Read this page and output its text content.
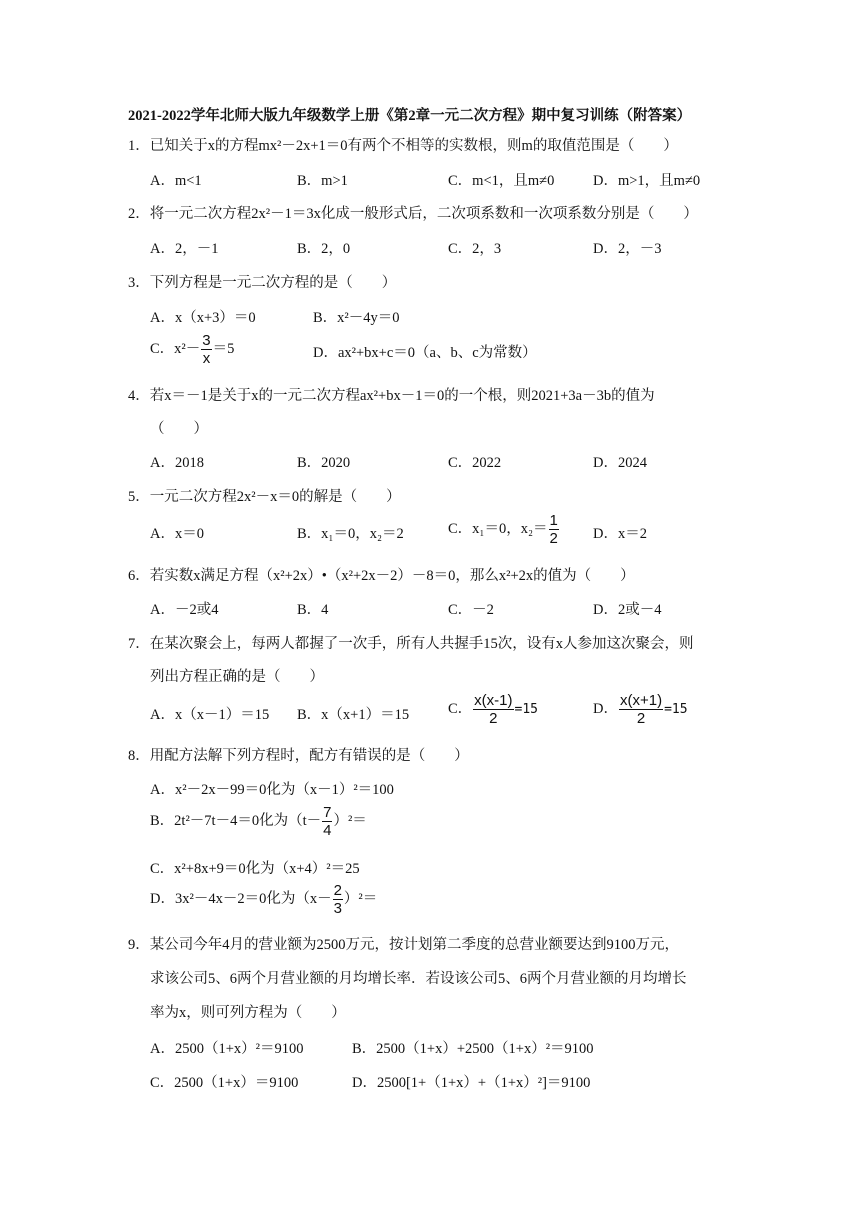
2021-2022学年北师大版九年级数学上册《第2章一元二次方程》期中复习训练（附答案）
1．已知关于x的方程mx²－2x+1＝0有两个不相等的实数根，则m的取值范围是（　　）
A．m<1	B．m>1	C．m<1，且m≠0	D．m>1，且m≠0
2．将一元二次方程2x²－1＝3x化成一般形式后，二次项系数和一次项系数分别是（　　）
A．2，－1	B．2，0	C．2，3	D．2，－3
3．下列方程是一元二次方程的是（　　）
A．x（x+3）＝0	B．x²－4y＝0
C．$x^2- \frac{3}{x} =5$	D．ax²+bx+c＝0（a、b、c为常数）
4．若x＝－1是关于x的一元二次方程ax²+bx－1＝0的一个根，则2021+3a－3b的值为
（　　）
A．2018	B．2020	C．2022	D．2024
5．一元二次方程2x²－x＝0的解是（　　）
A．x＝0	B．x₁＝0，x₂＝2	C．x₁＝0，$x_2= \frac{1}{2}$ D．x＝2
6．若实数x满足方程（x²+2x）•（x²+2x－2）－8＝0，那么x²+2x的值为（　　）
A．－2或4	B．4	C．－2	D．2或－4
7．在某次聚会上，每两人都握了一次手，所有人共握手15次，设有x人参加这次聚会，则
列出方程正确的是（　　）
A．x（x－1）＝15 B．x（x+1）＝15	C． $\frac{x(x-1)}{2} =15$	D． $\frac{x(x+1)}{2} =15$
8．用配方法解下列方程时，配方有错误的是（　　）
A．x²－2x－99＝0化为（x－1）²＝100
B．2t²－7t－4＝0化为$(t- \frac{7}{4} )^2=$
C．x²+8x+9＝0化为（x+4）²＝25
D．3x²－4x－2＝0化为$(x- \frac{2}{3} )^2=$
9．某公司今年4月的营业额为2500万元，按计划第二季度的总营业额要达到9100万元，
求该公司5、6两个月营业额的月均增长率．若设该公司5、6两个月营业额的月均增长
率为x，则可列方程为（　　）
A．2500（1+x）²＝9100	B．2500（1+x）+2500（1+x）²＝9100
C．2500（1+x）＝9100	D．2500[1+（1+x）+（1+x）²]＝9100
